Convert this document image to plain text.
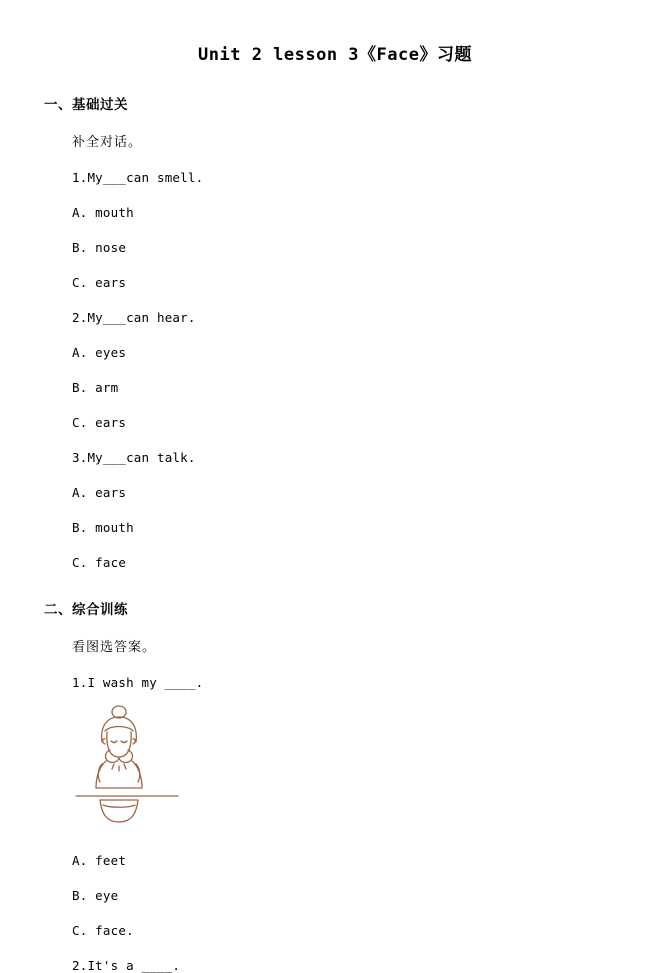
Unit 2 lesson 3《Face》习题
一、基础过关
补全对话。
1.My___can smell.
A. mouth
B. nose
C. ears
2.My___can hear.
A. eyes
B. arm
C. ears
3.My___can talk.
A. ears
B. mouth
C. face
二、综合训练
看图选答案。
1.I wash my ____.
A. feet
B. eye
C. face.
2.It's a ____.
